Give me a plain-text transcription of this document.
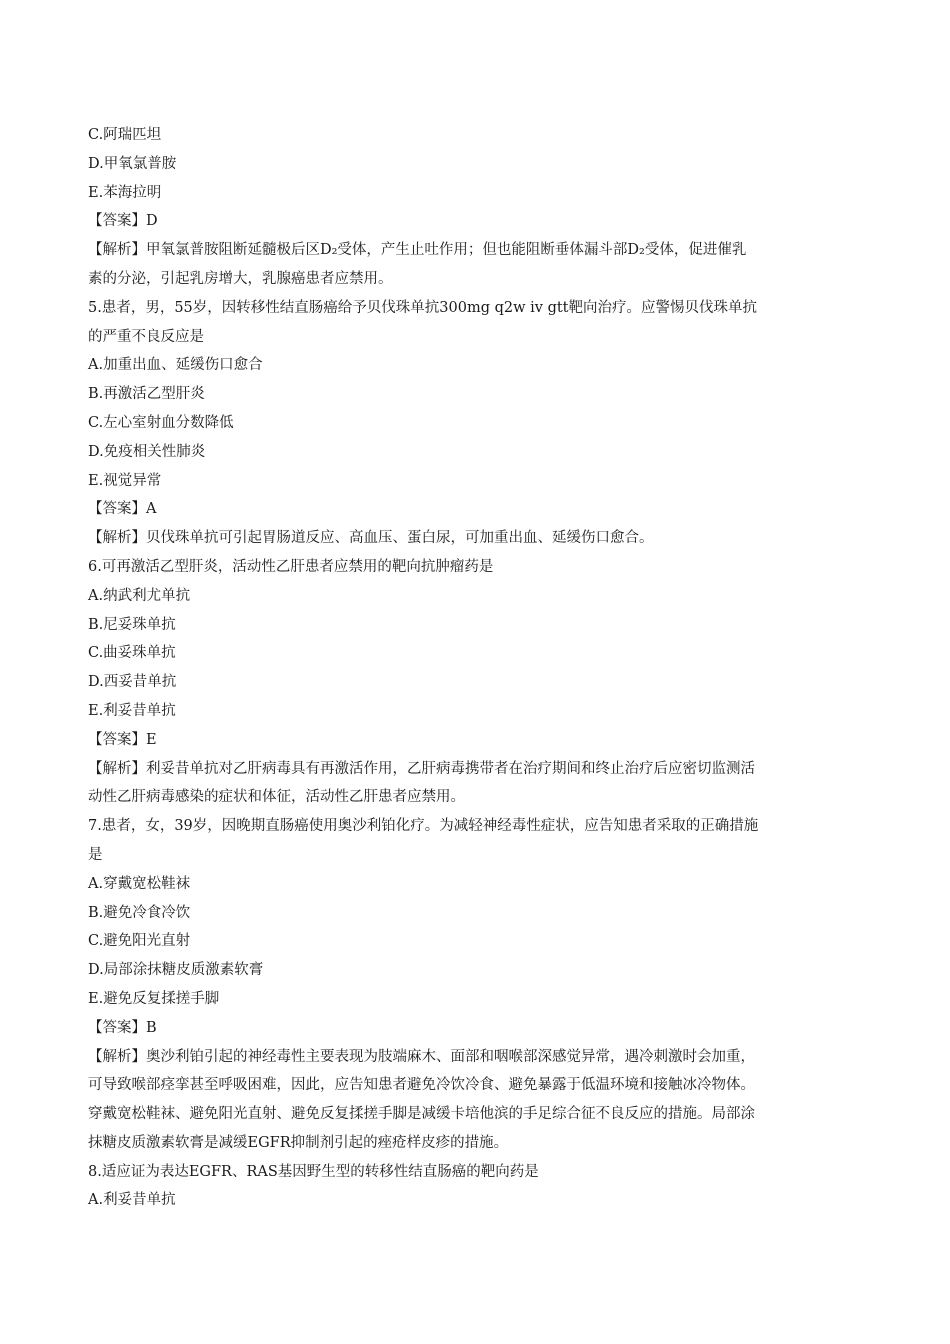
C.阿瑞匹坦
D.甲氧氯普胺
E.苯海拉明
【答案】D
【解析】甲氧氯普胺阻断延髓极后区D₂受体，产生止吐作用；但也能阻断垂体漏斗部D₂受体，促进催乳
素的分泌，引起乳房增大，乳腺癌患者应禁用。
5.患者，男，55岁，因转移性结直肠癌给予贝伐珠单抗300mg q2w iv gtt靶向治疗。应警惕贝伐珠单抗
的严重不良反应是
A.加重出血、延缓伤口愈合
B.再激活乙型肝炎
C.左心室射血分数降低
D.免疫相关性肺炎
E.视觉异常
【答案】A
【解析】贝伐珠单抗可引起胃肠道反应、高血压、蛋白尿，可加重出血、延缓伤口愈合。
6.可再激活乙型肝炎，活动性乙肝患者应禁用的靶向抗肿瘤药是
A.纳武利尤单抗
B.尼妥珠单抗
C.曲妥珠单抗
D.西妥昔单抗
E.利妥昔单抗
【答案】E
【解析】利妥昔单抗对乙肝病毒具有再激活作用，乙肝病毒携带者在治疗期间和终止治疗后应密切监测活
动性乙肝病毒感染的症状和体征，活动性乙肝患者应禁用。
7.患者，女，39岁，因晚期直肠癌使用奥沙利铂化疗。为减轻神经毒性症状，应告知患者采取的正确措施
是
A.穿戴宽松鞋袜
B.避免冷食冷饮
C.避免阳光直射
D.局部涂抹糖皮质激素软膏
E.避免反复揉搓手脚
【答案】B
【解析】奥沙利铂引起的神经毒性主要表现为肢端麻木、面部和咽喉部深感觉异常，遇冷刺激时会加重，
可导致喉部痉挛甚至呼吸困难，因此，应告知患者避免冷饮冷食、避免暴露于低温环境和接触冰冷物体。
穿戴宽松鞋袜、避免阳光直射、避免反复揉搓手脚是减缓卡培他滨的手足综合征不良反应的措施。局部涂
抹糖皮质激素软膏是减缓EGFR抑制剂引起的痤疮样皮疹的措施。
8.适应证为表达EGFR、RAS基因野生型的转移性结直肠癌的靶向药是
A.利妥昔单抗
